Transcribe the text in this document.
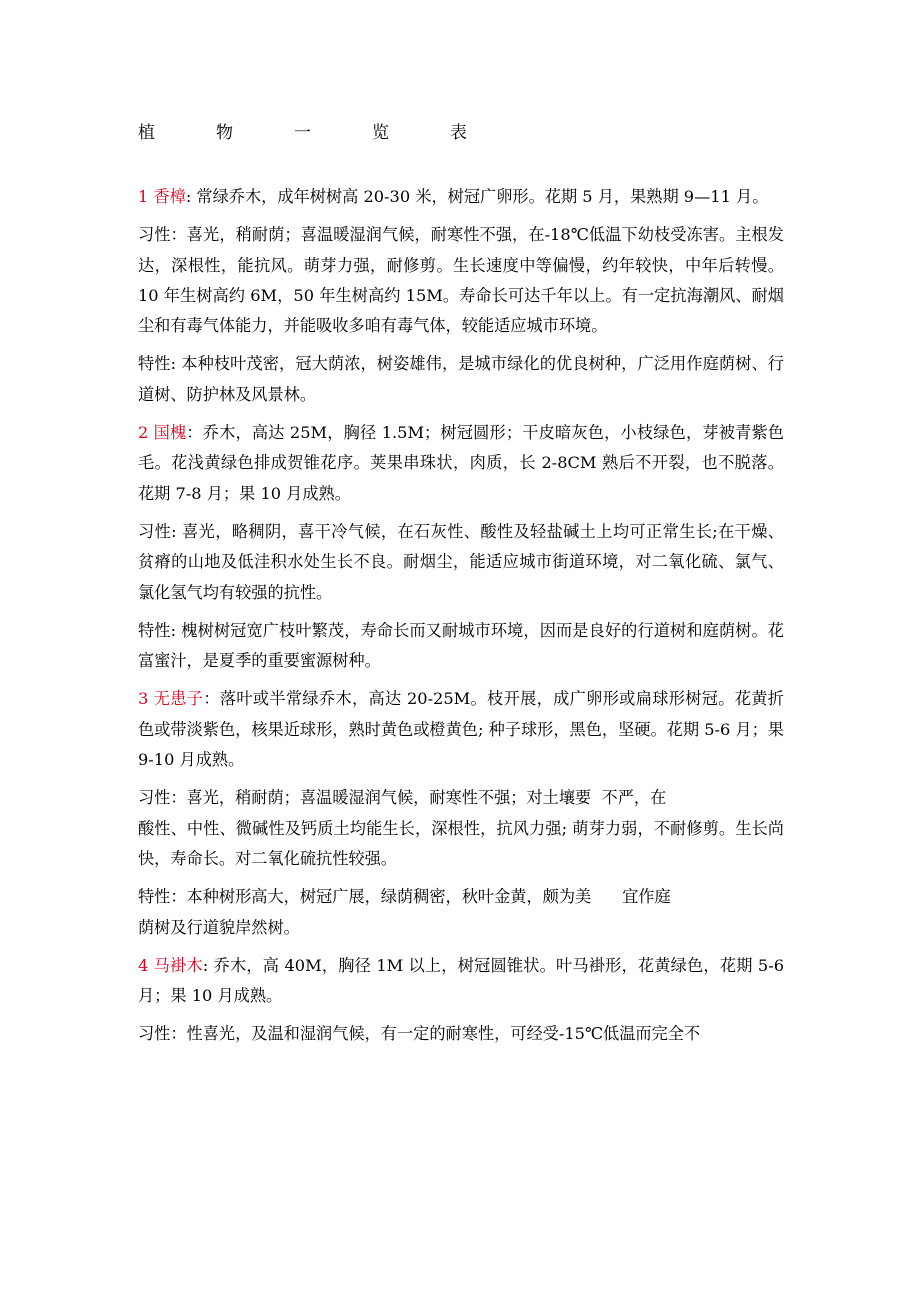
植　物　一　览　表

1 香樟: 常绿乔木，成年树树高 20-30 米，树冠广卵形。花期 5 月，果熟期 9—11 月。

习性：喜光，稍耐荫；喜温暖湿润气候，耐寒性不强，在-18℃低温下幼枝受冻害。主根发达，深根性，能抗风。萌芽力强，耐修剪。生长速度中等偏慢，约年较快，中年后转慢。10 年生树高约 6M，50 年生树高约 15M。寿命长可达千年以上。有一定抗海潮风、耐烟尘和有毒气体能力，并能吸收多咱有毒气体，较能适应城市环境。

特性: 本种枝叶茂密，冠大荫浓，树姿雄伟，是城市绿化的优良树种，广泛用作庭荫树、行道树、防护林及风景林。

2 国槐：乔木，高达 25M，胸径 1.5M；树冠圆形；干皮暗灰色，小枝绿色，芽被青紫色毛。花浅黄绿色排成贺锥花序。荚果串珠状，肉质，长 2-8CM 熟后不开裂，也不脱落。花期 7-8 月；果 10 月成熟。

习性: 喜光，略稠阴，喜干冷气候，在石灰性、酸性及轻盐碱土上均可正常生长;在干燥、贫瘠的山地及低洼积水处生长不良。耐烟尘，能适应城市街道环境，对二氧化硫、氯气、氯化氢气均有较强的抗性。

特性: 槐树树冠宽广枝叶繁茂，寿命长而又耐城市环境，因而是良好的行道树和庭荫树。花富蜜汁，是夏季的重要蜜源树种。

3 无患子：落叶或半常绿乔木，高达 20-25M。枝开展，成广卵形或扁球形树冠。花黄折色或带淡紫色，核果近球形，熟时黄色或橙黄色; 种子球形，黑色，坚硬。花期 5-6 月；果 9-10 月成熟。

习性：喜光，稍耐荫；喜温暖湿润气候，耐寒性不强；对土壤要  不严，在

酸性、中性、微碱性及钙质土均能生长，深根性，抗风力强; 萌芽力弱，不耐修剪。生长尚快，寿命长。对二氧化硫抗性较强。

特性：本种树形高大，树冠广展，绿荫稠密，秋叶金黄，颇为美      宜作庭

荫树及行道貌岸然树。

4 马褂木: 乔木，高 40M，胸径 1M 以上，树冠圆锥状。叶马褂形，花黄绿色，花期 5-6 月；果 10 月成熟。

习性：性喜光，及温和湿润气候，有一定的耐寒性，可经受-15℃低温而完全不
